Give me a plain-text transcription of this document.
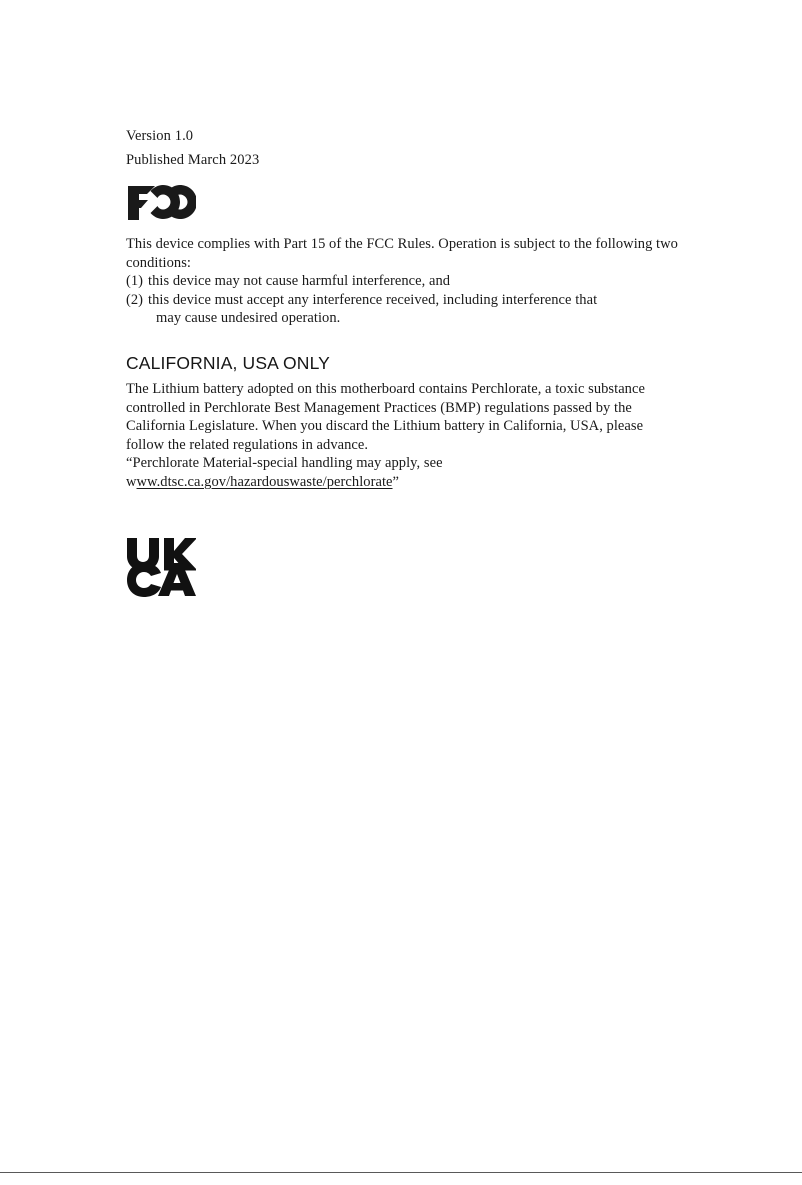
Version 1.0
Published March 2023

This device complies with Part 15 of the FCC Rules. Operation is subject to the following two conditions:

(1) this device may not cause harmful interference, and
(2) this device must accept any interference received, including interference that
may cause undesired operation.
CALIFORNIA, USA ONLY

The Lithium battery adopted on this motherboard contains Perchlorate, a toxic substance controlled in Perchlorate Best Management Practices (BMP) regulations passed by the California Legislature. When you discard the Lithium battery in California, USA, please follow the related regulations in advance.

“Perchlorate Material-special handling may apply, see www.dtsc.ca.gov/hazardouswaste/perchlorate”
